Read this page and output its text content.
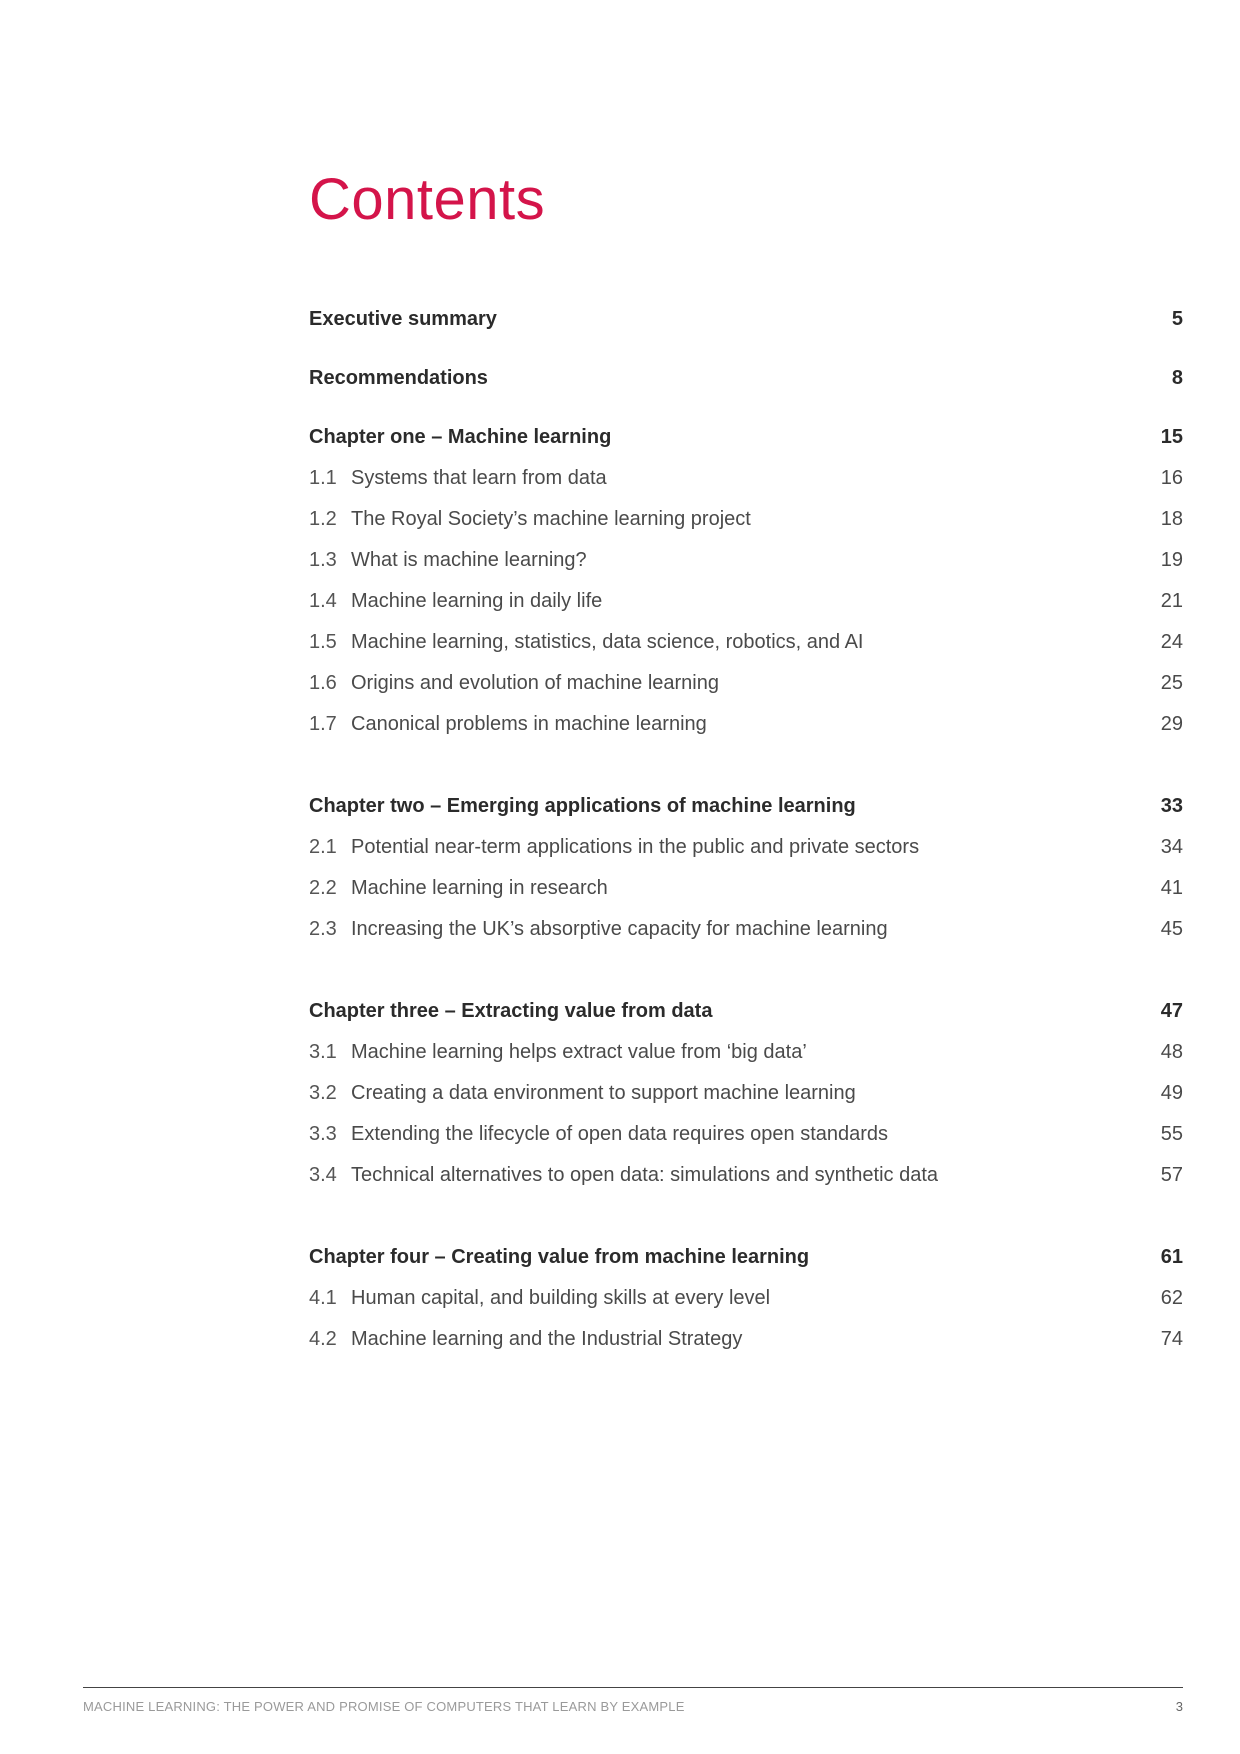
Contents
Executive summary	5
Recommendations	8
Chapter one – Machine learning	15
1.1 Systems that learn from data	16
1.2 The Royal Society’s machine learning project	18
1.3 What is machine learning?	19
1.4 Machine learning in daily life	21
1.5 Machine learning, statistics, data science, robotics, and AI	24
1.6 Origins and evolution of machine learning	25
1.7 Canonical problems in machine learning	29
Chapter two – Emerging applications of machine learning	33
2.1 Potential near-term applications in the public and private sectors	34
2.2 Machine learning in research	41
2.3 Increasing the UK’s absorptive capacity for machine learning	45
Chapter three – Extracting value from data	47
3.1 Machine learning helps extract value from ‘big data’	48
3.2 Creating a data environment to support machine learning	49
3.3 Extending the lifecycle of open data requires open standards	55
3.4 Technical alternatives to open data: simulations and synthetic data	57
Chapter four – Creating value from machine learning	61
4.1 Human capital, and building skills at every level	62
4.2 Machine learning and the Industrial Strategy	74
MACHINE LEARNING: THE POWER AND PROMISE OF COMPUTERS THAT LEARN BY EXAMPLE	3
